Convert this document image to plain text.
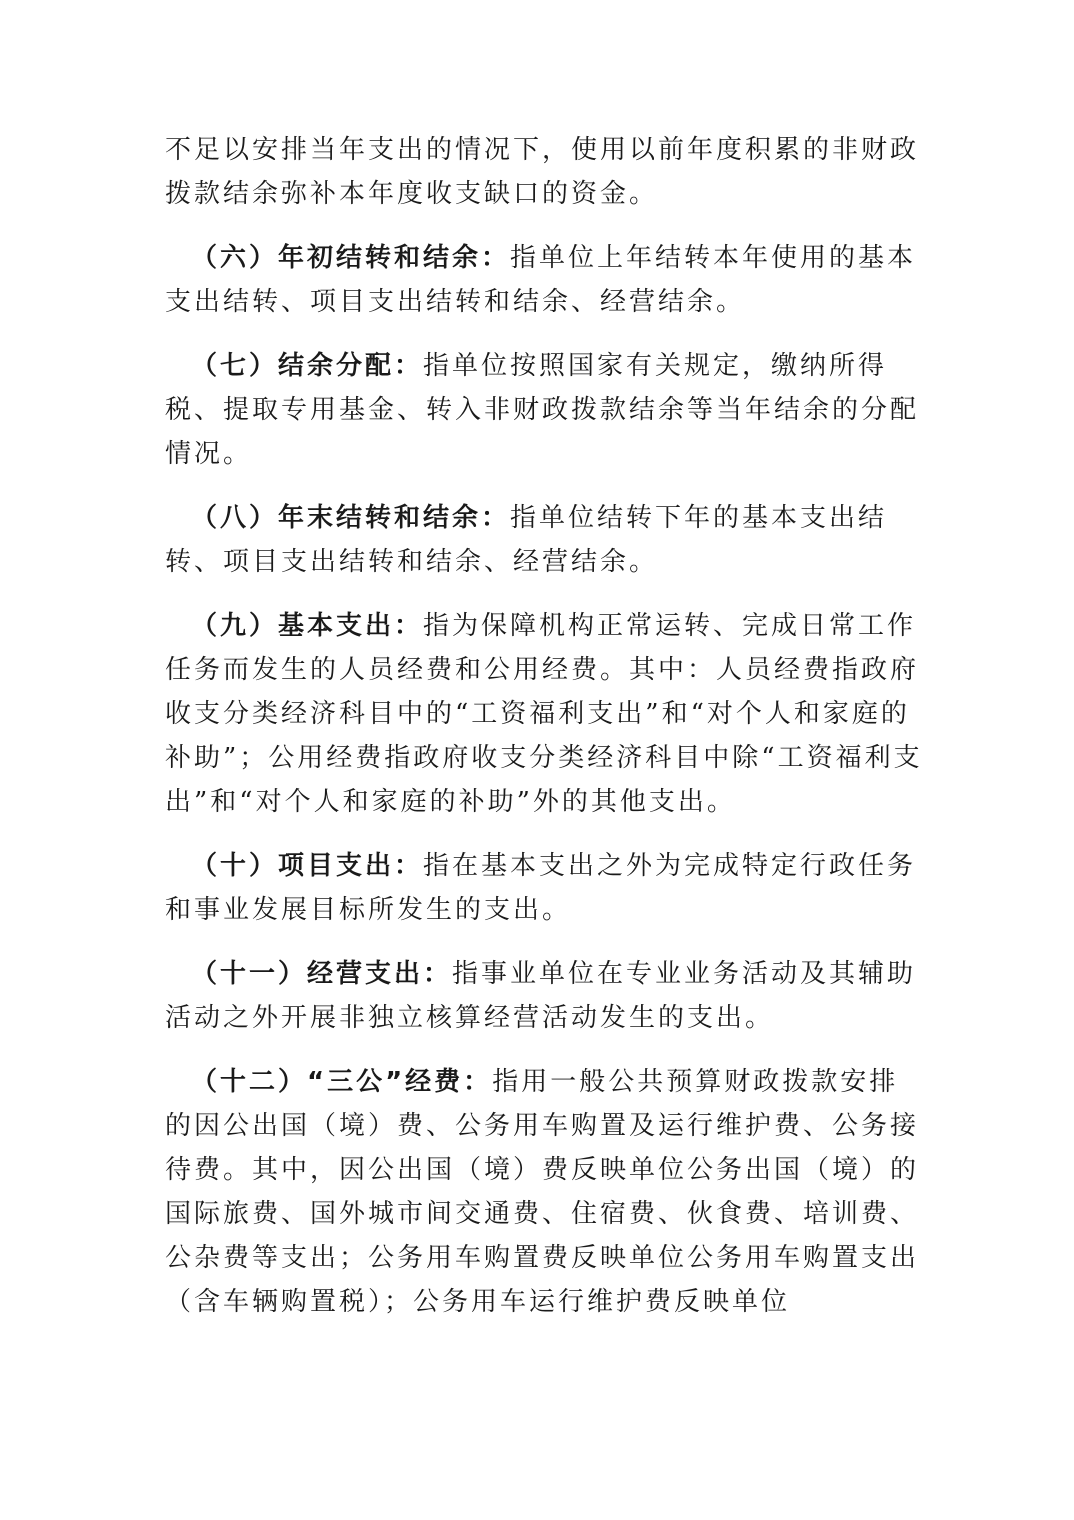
不足以安排当年支出的情况下，使用以前年度积累的非财政拨款结余弥补本年度收支缺口的资金。

（六）年初结转和结余：指单位上年结转本年使用的基本支出结转、项目支出结转和结余、经营结余。

（七）结余分配：指单位按照国家有关规定，缴纳所得税、提取专用基金、转入非财政拨款结余等当年结余的分配情况。

（八）年末结转和结余：指单位结转下年的基本支出结转、项目支出结转和结余、经营结余。

（九）基本支出：指为保障机构正常运转、完成日常工作任务而发生的人员经费和公用经费。其中：人员经费指政府收支分类经济科目中的“工资福利支出”和“对个人和家庭的补助”；公用经费指政府收支分类经济科目中除“工资福利支出”和“对个人和家庭的补助”外的其他支出。

（十）项目支出：指在基本支出之外为完成特定行政任务和事业发展目标所发生的支出。

（十一）经营支出：指事业单位在专业业务活动及其辅助活动之外开展非独立核算经营活动发生的支出。

（十二）“三公”经费：指用一般公共预算财政拨款安排的因公出国（境）费、公务用车购置及运行维护费、公务接待费。其中，因公出国（境）费反映单位公务出国（境）的国际旅费、国外城市间交通费、住宿费、伙食费、培训费、公杂费等支出；公务用车购置费反映单位公务用车购置支出（含车辆购置税）；公务用车运行维护费反映单位
